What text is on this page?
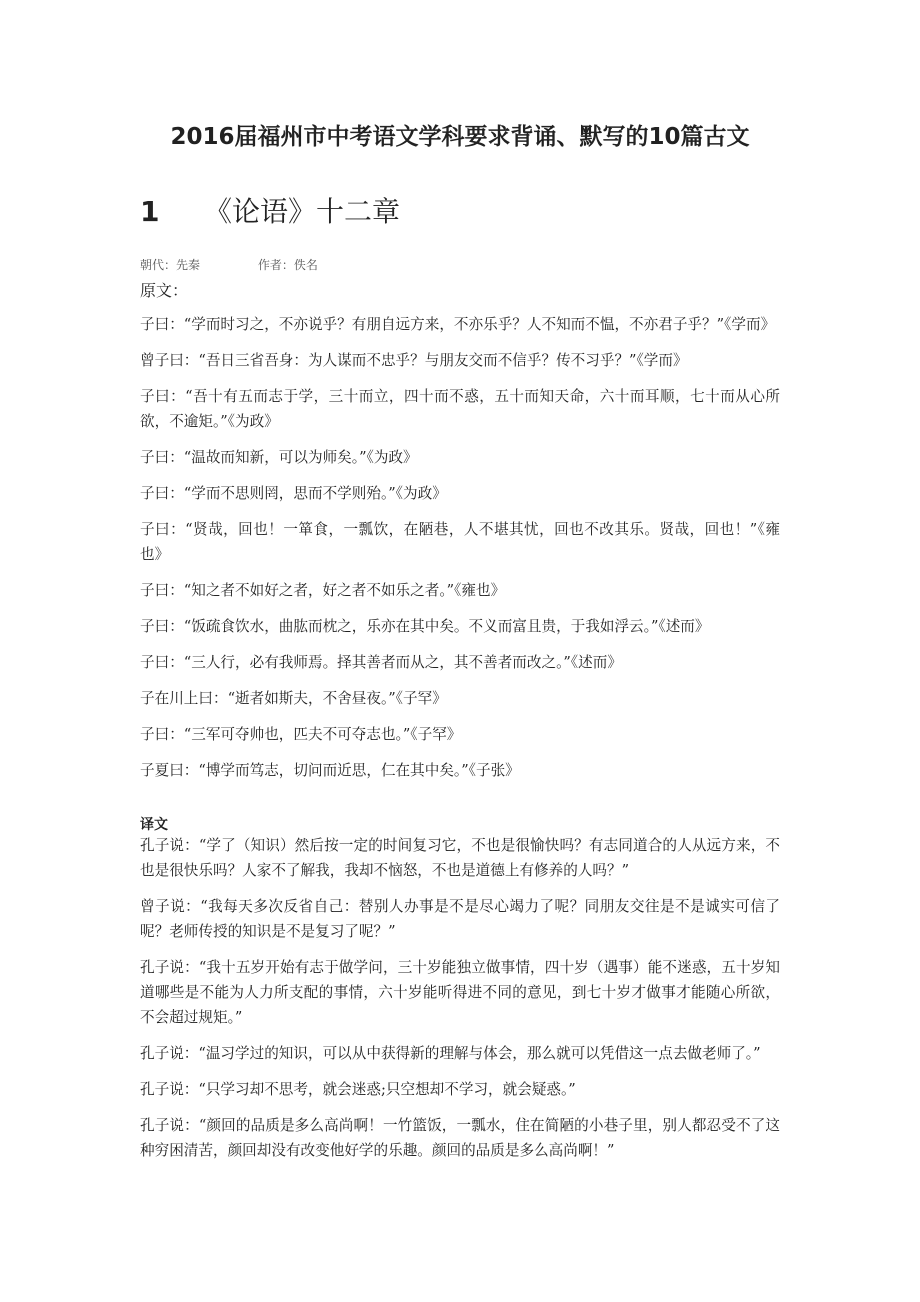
2016届福州市中考语文学科要求背诵、默写的10篇古文
1 《论语》十二章
朝代：先秦	作者：佚名
原文：

子曰：“学而时习之，不亦说乎？有朋自远方来，不亦乐乎？人不知而不愠，不亦君子乎？”《学而》

曾子曰：“吾日三省吾身：为人谋而不忠乎？与朋友交而不信乎？传不习乎？”《学而》

子曰：“吾十有五而志于学，三十而立，四十而不惑，五十而知天命，六十而耳顺，七十而从心所欲，不逾矩。”《为政》

子曰：“温故而知新，可以为师矣。”《为政》

子曰：“学而不思则罔，思而不学则殆。”《为政》

子曰：“贤哉，回也！一箪食，一瓢饮，在陋巷，人不堪其忧，回也不改其乐。贤哉，回也！”《雍也》

子曰：“知之者不如好之者，好之者不如乐之者。”《雍也》

子曰：“饭疏食饮水，曲肱而枕之，乐亦在其中矣。不义而富且贵，于我如浮云。”《述而》

子曰：“三人行，必有我师焉。择其善者而从之，其不善者而改之。”《述而》

子在川上曰：“逝者如斯夫，不舍昼夜。”《子罕》

子曰：“三军可夺帅也，匹夫不可夺志也。”《子罕》

子夏曰：“博学而笃志，切问而近思，仁在其中矣。”《子张》

译文

孔子说：“学了（知识）然后按一定的时间复习它，不也是很愉快吗？有志同道合的人从远方来，不也是很快乐吗？人家不了解我，我却不恼怒，不也是道德上有修养的人吗？”

曾子说：“我每天多次反省自己：替别人办事是不是尽心竭力了呢？同朋友交往是不是诚实可信了呢？老师传授的知识是不是复习了呢？”

孔子说：“我十五岁开始有志于做学问，三十岁能独立做事情，四十岁（遇事）能不迷惑，五十岁知道哪些是不能为人力所支配的事情，六十岁能听得进不同的意见，到七十岁才做事才能随心所欲，不会超过规矩。”

孔子说：“温习学过的知识，可以从中获得新的理解与体会，那么就可以凭借这一点去做老师了。”

孔子说：“只学习却不思考，就会迷惑;只空想却不学习，就会疑惑。”

孔子说：“颜回的品质是多么高尚啊！一竹篮饭，一瓢水，住在简陋的小巷子里，别人都忍受不了这种穷困清苦，颜回却没有改变他好学的乐趣。颜回的品质是多么高尚啊！”
